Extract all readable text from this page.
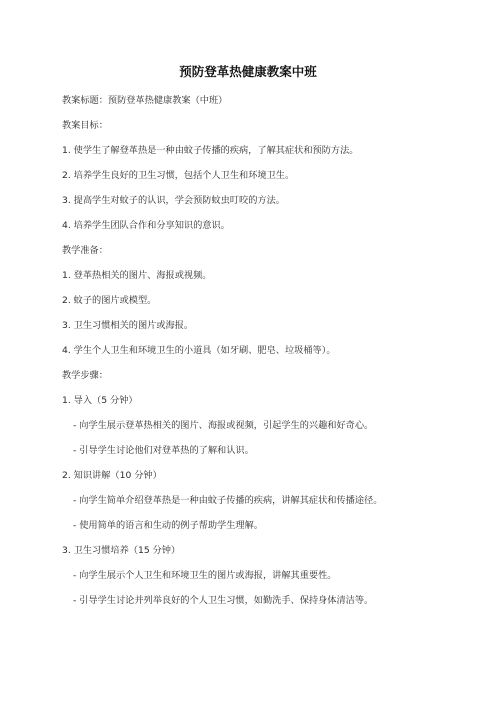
预防登革热健康教案中班
教案标题：预防登革热健康教案（中班）
教案目标：
1. 使学生了解登革热是一种由蚊子传播的疾病，了解其症状和预防方法。
2. 培养学生良好的卫生习惯，包括个人卫生和环境卫生。
3. 提高学生对蚊子的认识，学会预防蚊虫叮咬的方法。
4. 培养学生团队合作和分享知识的意识。
教学准备：
1. 登革热相关的图片、海报或视频。
2. 蚊子的图片或模型。
3. 卫生习惯相关的图片或海报。
4. 学生个人卫生和环境卫生的小道具（如牙刷、肥皂、垃圾桶等）。
教学步骤：
1. 导入（5 分钟）
- 向学生展示登革热相关的图片、海报或视频，引起学生的兴趣和好奇心。
- 引导学生讨论他们对登革热的了解和认识。
2. 知识讲解（10 分钟）
- 向学生简单介绍登革热是一种由蚊子传播的疾病，讲解其症状和传播途径。
- 使用简单的语言和生动的例子帮助学生理解。
3. 卫生习惯培养（15 分钟）
- 向学生展示个人卫生和环境卫生的图片或海报，讲解其重要性。
- 引导学生讨论并列举良好的个人卫生习惯，如勤洗手、保持身体清洁等。
